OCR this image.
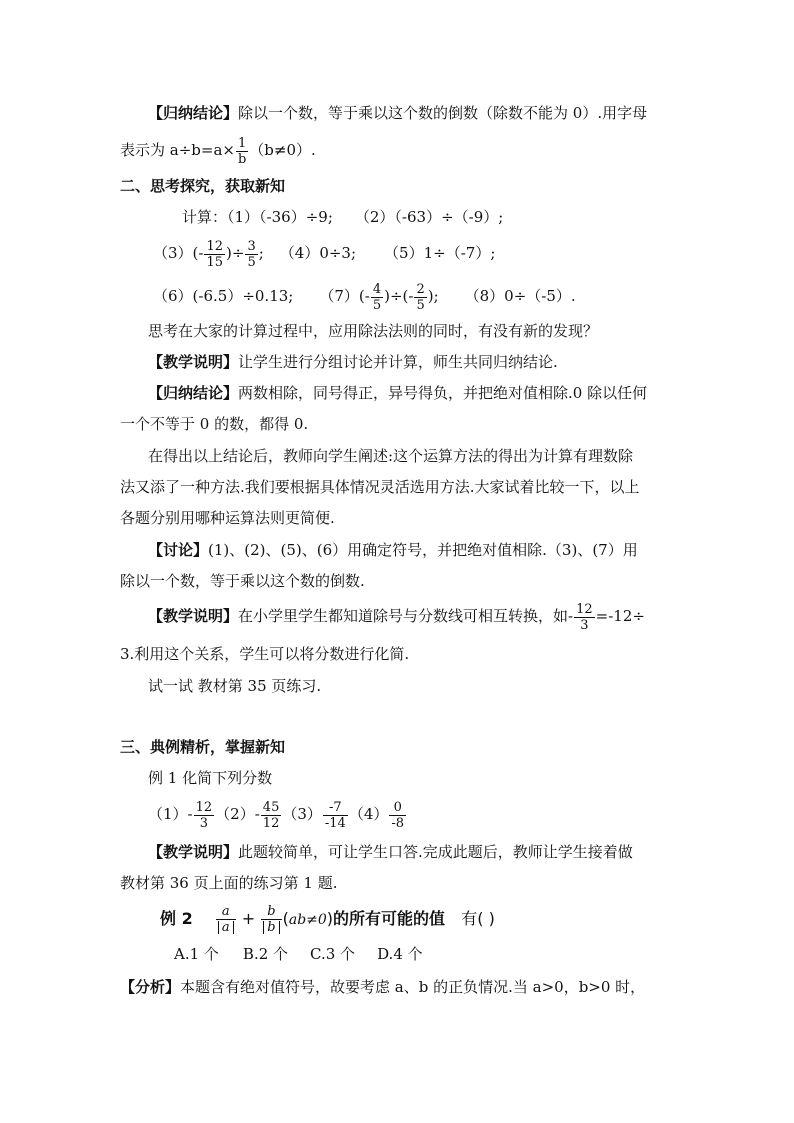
【归纳结论】除以一个数，等于乘以这个数的倒数（除数不能为 0）.用字母
表示为 $a\div b=a\times \frac{1}{b} (b\ne 0)$.
二、思考探究，获取新知
计算：（1）（-36）÷9; （2）（-63）÷（-9）;
$(3)(- \frac{12}{15}$ )÷ $\frac{3}{5}$ ; （4）0÷3; （5）1÷（-7）;
（6）(-6.5）÷0.13; $(7)(- \frac{4}{5}$ )÷(- $\frac{2}{5}$ ); （8）0÷（-5）.
思考在大家的计算过程中，应用除法法则的同时，有没有新的发现？
【教学说明】让学生进行分组讨论并计算，师生共同归纳结论.
【归纳结论】两数相除，同号得正，异号得负，并把绝对值相除.0 除以任何
一个不等于 0 的数，都得 0.
在得出以上结论后，教师向学生阐述:这个运算方法的得出为计算有理数除
法又添了一种方法.我们要根据具体情况灵活选用方法.大家试着比较一下，以上
各题分别用哪种运算法则更简便.
【讨论】(1)、(2)、(5)、(6）用确定符号，并把绝对值相除.（3)、(7）用
除以一个数，等于乘以这个数的倒数.
【教学说明】在小学里学生都知道除号与分数线可相互转换，如- $\frac{12}{3} =-12\div$
3.利用这个关系，学生可以将分数进行化简.
试一试 教材第 35 页练习.
三、典例精析，掌握新知
例 1 化简下列分数
$(1)- \frac{12}{3} (2)- \frac{45}{12} (3) \frac{-7}{-14} (4) \frac{0}{-8}$
【教学说明】此题较简单，可让学生口答.完成此题后，教师让学生接着做
教材第 36 页上面的练习第 1 题.
例 $2 \frac{a}{a} + \frac{b}{b} (ab\ne 0)$的所有可能的值 有( )
A.1 个 B.2 个 C.3 个 D.4 个
【分析】本题含有绝对值符号，故要考虑 a、b 的正负情况.当 a>0，b>0 时，
